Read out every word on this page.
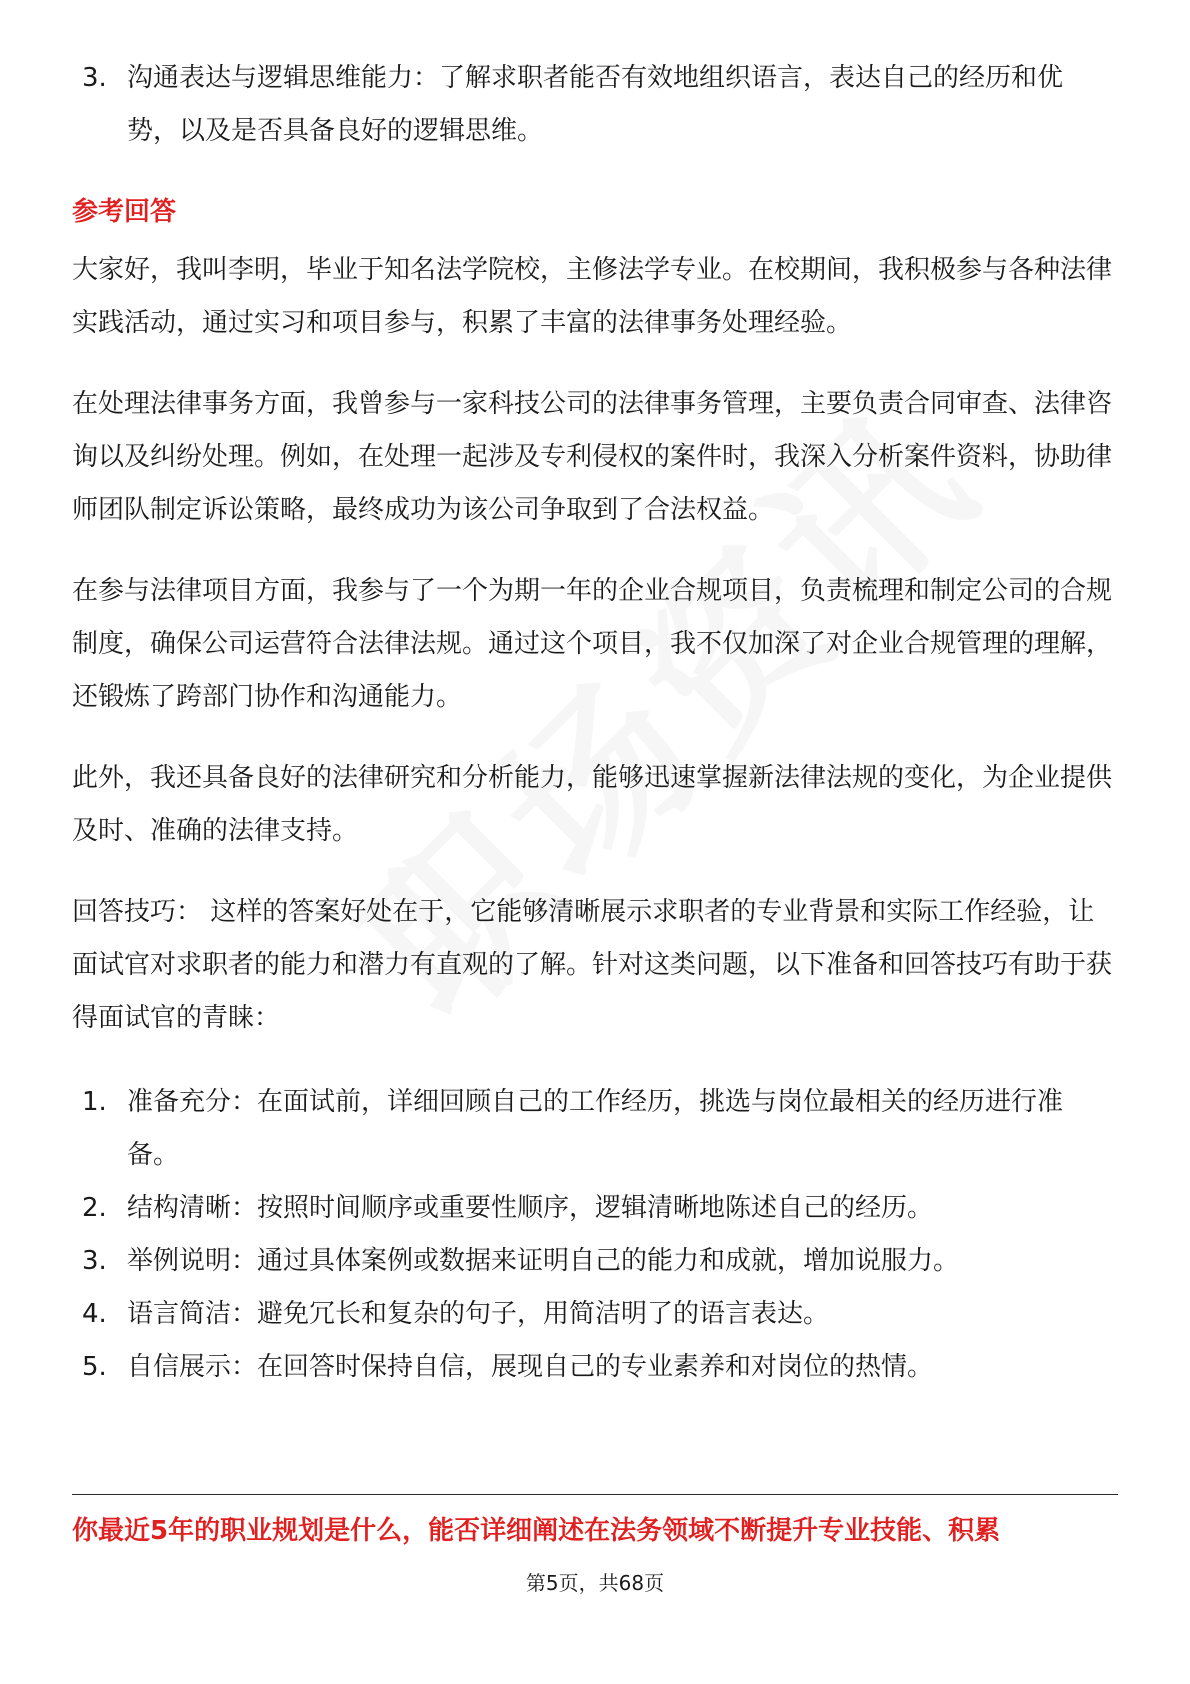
3. 沟通表达与逻辑思维能力：了解求职者能否有效地组织语言，表达自己的经历和优势，以及是否具备良好的逻辑思维。
参考回答

大家好，我叫李明，毕业于知名法学院校，主修法学专业。在校期间，我积极参与各种法律实践活动，通过实习和项目参与，积累了丰富的法律事务处理经验。

在处理法律事务方面，我曾参与一家科技公司的法律事务管理，主要负责合同审查、法律咨询以及纠纷处理。例如，在处理一起涉及专利侵权的案件时，我深入分析案件资料，协助律师团队制定诉讼策略，最终成功为该公司争取到了合法权益。

在参与法律项目方面，我参与了一个为期一年的企业合规项目，负责梳理和制定公司的合规制度，确保公司运营符合法律法规。通过这个项目，我不仅加深了对企业合规管理的理解，还锻炼了跨部门协作和沟通能力。

此外，我还具备良好的法律研究和分析能力，能够迅速掌握新法律法规的变化，为企业提供及时、准确的法律支持。

回答技巧： 这样的答案好处在于，它能够清晰展示求职者的专业背景和实际工作经验，让面试官对求职者的能力和潜力有直观的了解。针对这类问题，以下准备和回答技巧有助于获得面试官的青睐：

1. 准备充分：在面试前，详细回顾自己的工作经历，挑选与岗位最相关的经历进行准备。
2. 结构清晰：按照时间顺序或重要性顺序，逻辑清晰地陈述自己的经历。
3. 举例说明：通过具体案例或数据来证明自己的能力和成就，增加说服力。
4. 语言简洁：避免冗长和复杂的句子，用简洁明了的语言表达。
5. 自信展示：在回答时保持自信，展现自己的专业素养和对岗位的热情。
你最近5年的职业规划是什么，能否详细阐述在法务领域不断提升专业技能、积累
第5页，共68页
